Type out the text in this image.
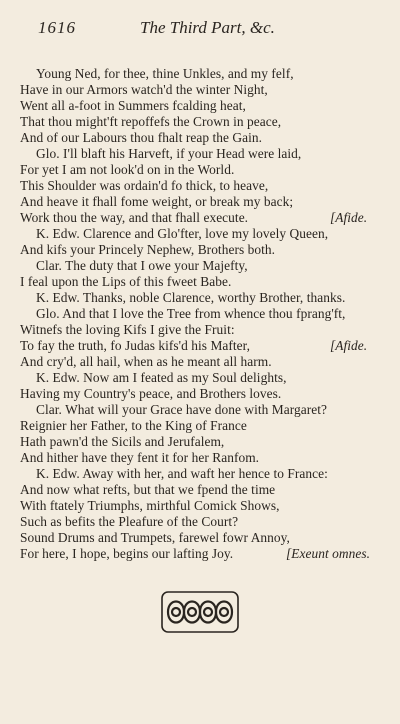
1616	The Third Part, &c.
Young Ned, for thee, thine Unkles, and my felf,
Have in our Armors watch'd the winter Night,
Went all a-foot in Summers fcalding heat,
That thou might'ft repoffefs the Crown in peace,
And of our Labours thou fhalt reap the Gain.
Glo. I'll blaft his Harveft, if your Head were laid,
For yet I am not look'd on in the World.
This Shoulder was ordain'd fo thick, to heave,
And heave it fhall fome weight, or break my back;
Work thou the way, and that fhall execute.	[Afide.
K. Edw. Clarence and Glo'fter, love my lovely Queen,
And kifs your Princely Nephew, Brothers both.
Clar. The duty that I owe your Majefty,
I feal upon the Lips of this fweet Babe.
K. Edw. Thanks, noble Clarence, worthy Brother, thanks.
Glo. And that I love the Tree from whence thou fprang'ft,
Witnefs the loving Kifs I give the Fruit:
To fay the truth, fo Judas kifs'd his Mafter,	[Afide.
And cry'd, all hail, when as he meant all harm.
K. Edw. Now am I feated as my Soul delights,
Having my Country's peace, and Brothers loves.
Clar. What will your Grace have done with Margaret?
Reignier her Father, to the King of France
Hath pawn'd the Sicils and Jerufalem,
And hither have they fent it for her Ranfom.
K. Edw. Away with her, and waft her hence to France:
And now what refts, but that we fpend the time
With ftately Triumphs, mirthful Comick Shows,
Such as befits the Pleafure of the Court?
Sound Drums and Trumpets, farewel fowr Annoy,
For here, I hope, begins our lafting Joy.	[Exeunt omnes.
